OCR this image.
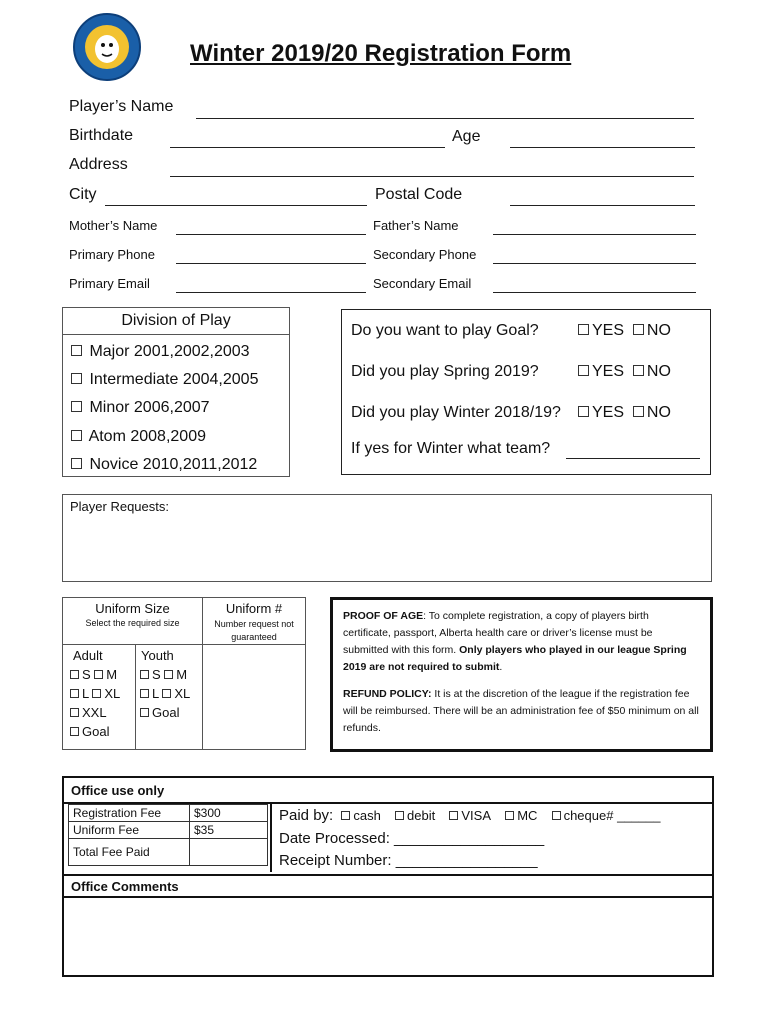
Winter 2019/20 Registration Form
Player’s Name
Birthdate	Age
Address
City	Postal Code
Mother’s Name	Father’s Name
Primary Phone	Secondary Phone
Primary Email	Secondary Email
Division of Play
Major 2001,2002,2003
Intermediate 2004,2005
Minor 2006,2007
Atom 2008,2009
Novice 2010,2011,2012
Do you want to play Goal?	YES NO
Did you play Spring 2019?	YES NO
Did you play Winter 2018/19?	YES NO
If yes for Winter what team?
Player Requests:
Uniform Size
Select the required size
Uniform #
Number request not guaranteed
Adult
S M
L XL
XXL
Goal
Youth
S M
L XL
Goal
PROOF OF AGE: To complete registration, a copy of players birth certificate, passport, Alberta health care or driver’s license must be submitted with this form. Only players who played in our league Spring 2019 are not required to submit.
REFUND POLICY: It is at the discretion of the league if the registration fee will be reimbursed. There will be an administration fee of $50 minimum on all refunds.
Office use only
Registration Fee	$300
Uniform Fee	$35
Total Fee Paid	
Paid by: cash debit VISA MC cheque# ______
Date Processed: __________________
Receipt Number: _________________
Office Comments
